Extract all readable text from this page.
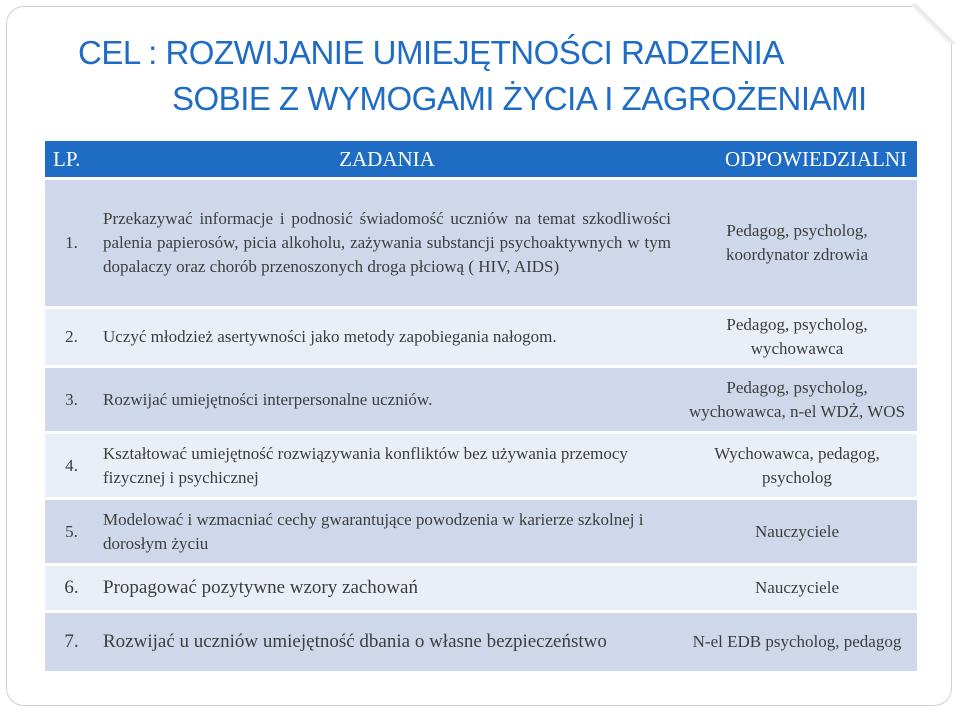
CEL : ROZWIJANIE UMIEJĘTNOŚCI RADZENIA
SOBIE Z WYMOGAMI ŻYCIA I ZAGROŻENIAMI
LP.	ZADANIA	ODPOWIEDZIALNI
1.	Przekazywać informacje i podnosić świadomość uczniów na temat szkodliwości palenia papierosów, picia alkoholu, zażywania substancji psychoaktywnych w tym dopalaczy oraz chorób przenoszonych droga płciową ( HIV, AIDS)	Pedagog, psycholog, koordynator zdrowia
2.	Uczyć młodzież asertywności jako metody zapobiegania nałogom.	Pedagog, psycholog, wychowawca
3.	Rozwijać umiejętności interpersonalne uczniów.	Pedagog, psycholog, wychowawca, n-el WDŻ, WOS
4.	Kształtować umiejętność rozwiązywania konfliktów bez używania przemocy fizycznej i psychicznej	Wychowawca, pedagog, psycholog
5.	Modelować i wzmacniać cechy gwarantujące powodzenia w karierze szkolnej i dorosłym życiu	Nauczyciele
6.	Propagować pozytywne wzory zachowań	Nauczyciele
7.	Rozwijać u uczniów umiejętność dbania o własne bezpieczeństwo	N-el EDB psycholog, pedagog
